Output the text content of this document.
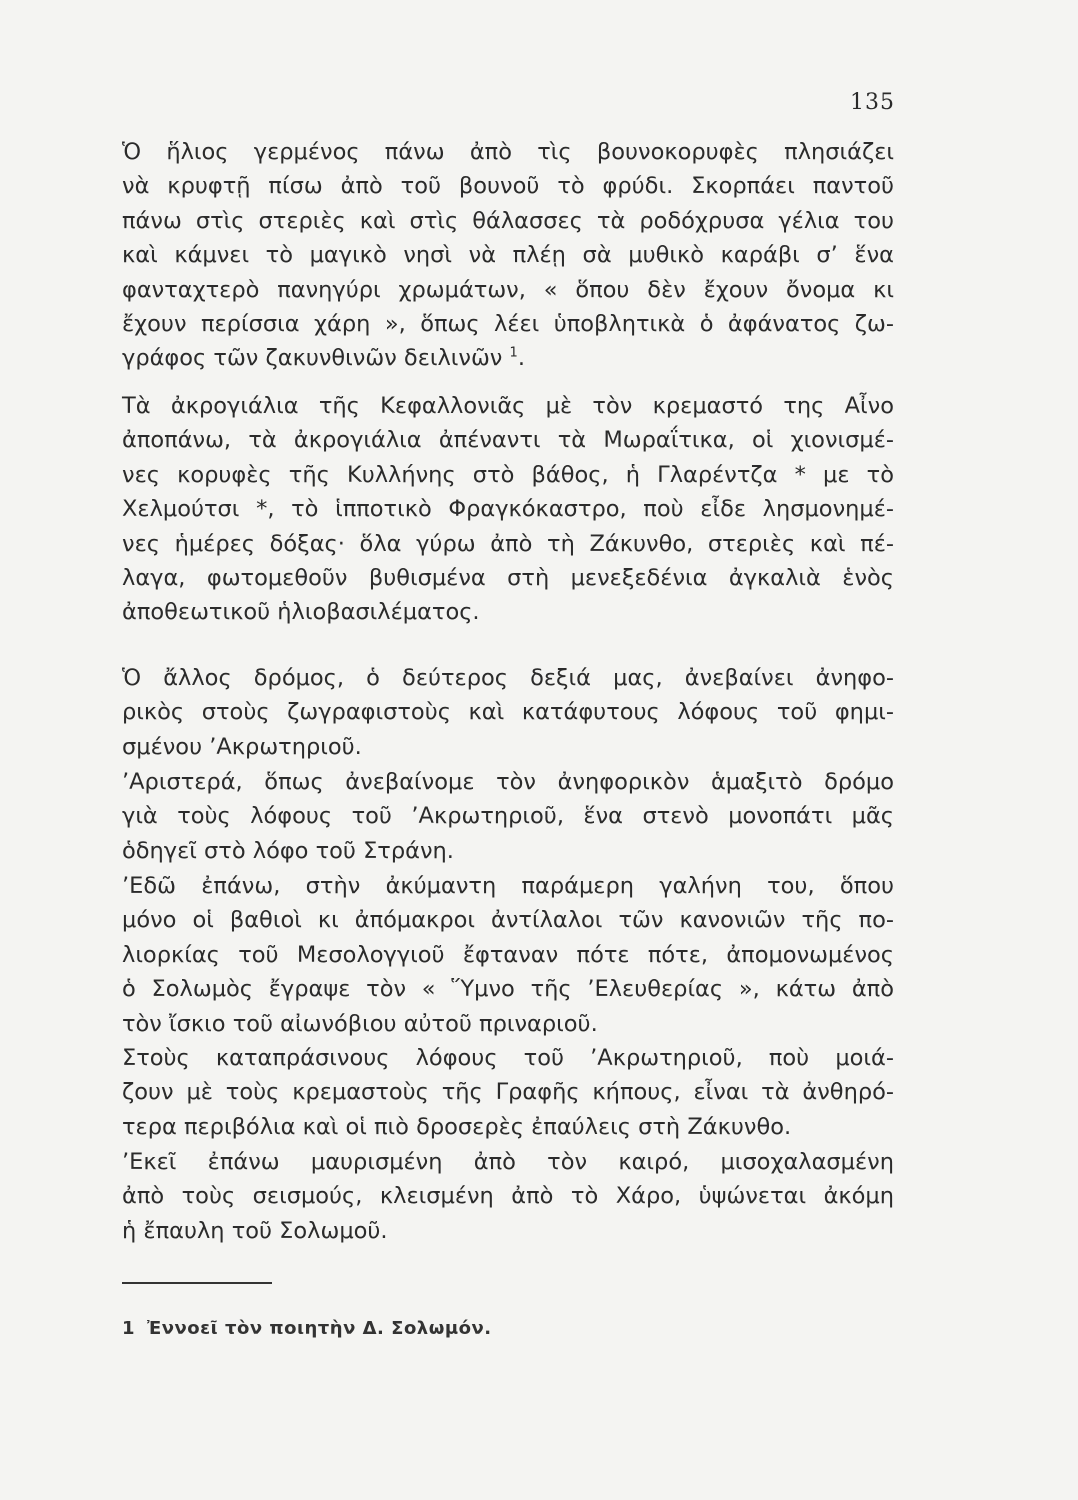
135
Ὁ ἥλιος γερμένος πάνω ἀπὸ τὶς βουνοκορυφὲς πλησιάζει
νὰ κρυφτῇ πίσω ἀπὸ τοῦ βουνοῦ τὸ φρύδι. Σκορπάει παντοῦ
πάνω στὶς στεριὲς καὶ στὶς θάλασσες τὰ ροδόχρυσα γέλια του
καὶ κάμνει τὸ μαγικὸ νησὶ νὰ πλέῃ σὰ μυθικὸ καράβι σ’ ἕνα
φανταχτερὸ πανηγύρι χρωμάτων, « ὅπου δὲν ἔχουν ὄνομα κι
ἔχουν περίσσια χάρη », ὅπως λέει ὑποβλητικὰ ὁ ἀφάνατος ζω-
γράφος τῶν ζακυνθινῶν δειλινῶν $^1$.
Τὰ ἀκρογιάλια τῆς Κεφαλλονιᾶς μὲ τὸν κρεμαστό της Αἶνο
ἀποπάνω, τὰ ἀκρογιάλια ἀπέναντι τὰ Μωραΐτικα, οἱ χιονισμέ-
νες κορυφὲς τῆς Κυλλήνης στὸ βάθος, ἡ Γλαρέντζα * με τὸ
Χελμούτσι *, τὸ ἱπποτικὸ Φραγκόκαστρο, ποὺ εἶδε λησμονημέ-
νες ἡμέρες δόξας· ὅλα γύρω ἀπὸ τὴ Ζάκυνθο, στεριὲς καὶ πέ-
λαγα, φωτομεθοῦν βυθισμένα στὴ μενεξεδένια ἀγκαλιὰ ἑνὸς
ἀποθεωτικοῦ ἡλιοβασιλέματος.
Ὁ ἄλλος δρόμος, ὁ δεύτερος δεξιά μας, ἀνεβαίνει ἀνηφο-
ρικὸς στοὺς ζωγραφιστοὺς καὶ κατάφυτους λόφους τοῦ φημι-
σμένου ’Ακρωτηριοῦ.
’Αριστερά, ὅπως ἀνεβαίνομε τὸν ἀνηφορικὸν ἁμαξιτὸ δρόμο
γιὰ τοὺς λόφους τοῦ ’Ακρωτηριοῦ, ἕνα στενὸ μονοπάτι μᾶς
ὁδηγεῖ στὸ λόφο τοῦ Στράνη.
’Εδῶ ἐπάνω, στὴν ἀκύμαντη παράμερη γαλήνη του, ὅπου
μόνο οἱ βαθιοὶ κι ἀπόμακροι ἀντίλαλοι τῶν κανονιῶν τῆς πο-
λιορκίας τοῦ Μεσολογγιοῦ ἔφταναν πότε πότε, ἀπομονωμένος
ὁ Σολωμὸς ἔγραψε τὸν « Ὕμνο τῆς ’Ελευθερίας », κάτω ἀπὸ
τὸν ἴσκιο τοῦ αἰωνόβιου αὐτοῦ πριναριοῦ.
Στοὺς καταπράσινους λόφους τοῦ ’Ακρωτηριοῦ, ποὺ μοιά-
ζουν μὲ τοὺς κρεμαστοὺς τῆς Γραφῆς κήπους, εἶναι τὰ ἀνθηρό-
τερα περιβόλια καὶ οἱ πιὸ δροσερὲς ἐπαύλεις στὴ Ζάκυνθο.
’Εκεῖ ἐπάνω μαυρισμένη ἀπὸ τὸν καιρό, μισοχαλασμένη
ἀπὸ τοὺς σεισμούς, κλεισμένη ἀπὸ τὸ Χάρο, ὑψώνεται ἀκόμη
ἡ ἔπαυλη τοῦ Σολωμοῦ.
1 Ἐννοεῖ τὸν ποιητὴν Δ. Σολωμόν.
